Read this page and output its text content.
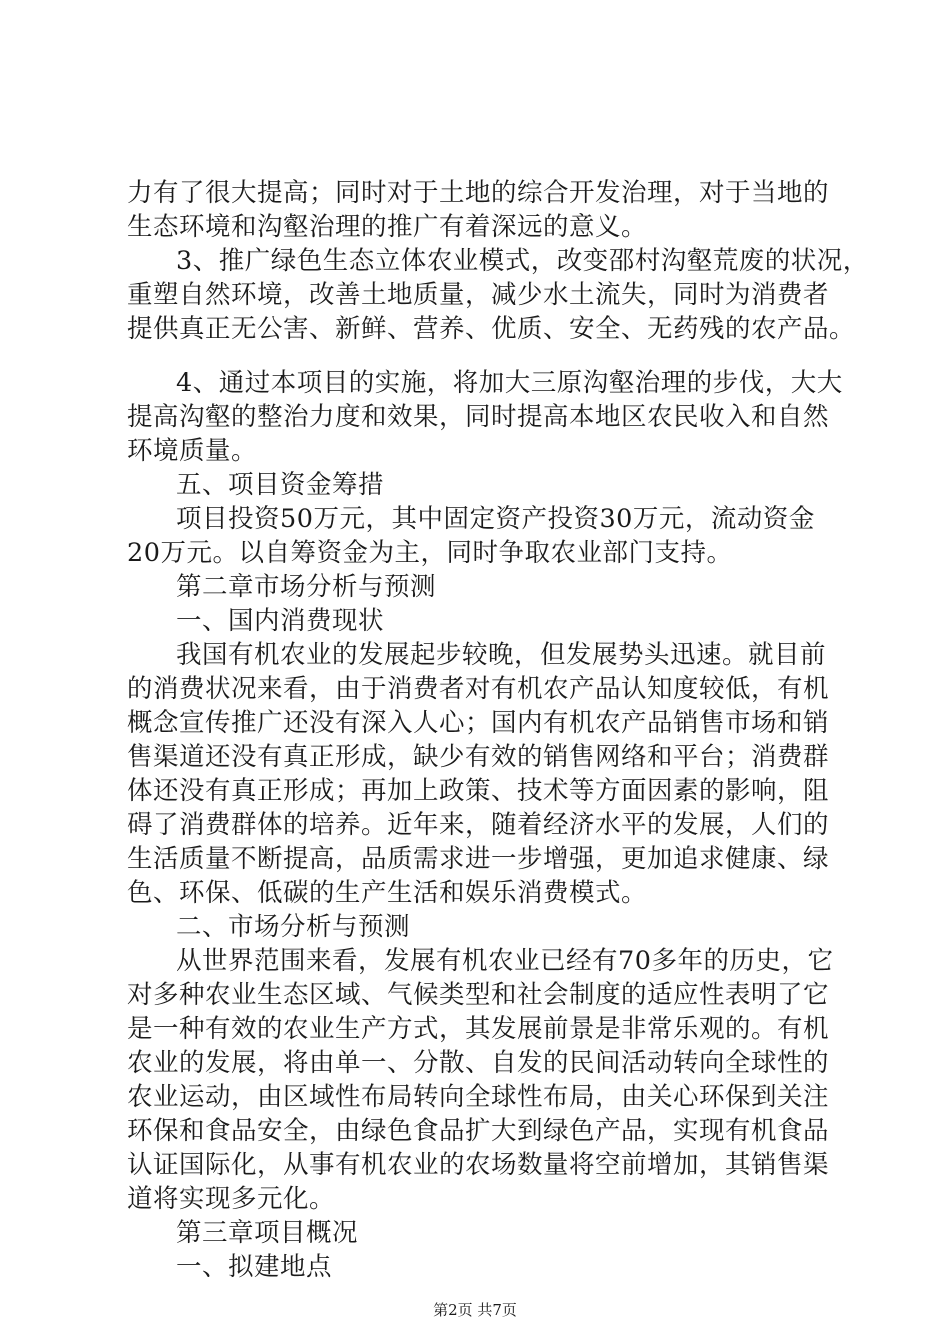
力有了很大提高；同时对于土地的综合开发治理，对于当地的
生态环境和沟壑治理的推广有着深远的意义。
3、推广绿色生态立体农业模式，改变邵村沟壑荒废的状况，
重塑自然环境，改善土地质量，减少水土流失，同时为消费者
提供真正无公害、新鲜、营养、优质、安全、无药残的农产品。
4、通过本项目的实施，将加大三原沟壑治理的步伐，大大
提高沟壑的整治力度和效果，同时提高本地区农民收入和自然
环境质量。
五、项目资金筹措
项目投资50万元，其中固定资产投资30万元，流动资金
20万元。以自筹资金为主，同时争取农业部门支持。
第二章市场分析与预测
一、国内消费现状
我国有机农业的发展起步较晚，但发展势头迅速。就目前
的消费状况来看，由于消费者对有机农产品认知度较低，有机
概念宣传推广还没有深入人心；国内有机农产品销售市场和销
售渠道还没有真正形成，缺少有效的销售网络和平台；消费群
体还没有真正形成；再加上政策、技术等方面因素的影响，阻
碍了消费群体的培养。近年来，随着经济水平的发展，人们的
生活质量不断提高，品质需求进一步增强，更加追求健康、绿
色、环保、低碳的生产生活和娱乐消费模式。
二、市场分析与预测
从世界范围来看，发展有机农业已经有70多年的历史，它
对多种农业生态区域、气候类型和社会制度的适应性表明了它
是一种有效的农业生产方式，其发展前景是非常乐观的。有机
农业的发展，将由单一、分散、自发的民间活动转向全球性的
农业运动，由区域性布局转向全球性布局，由关心环保到关注
环保和食品安全，由绿色食品扩大到绿色产品，实现有机食品
认证国际化，从事有机农业的农场数量将空前增加，其销售渠
道将实现多元化。
第三章项目概况
一、拟建地点
第2页 共7页
